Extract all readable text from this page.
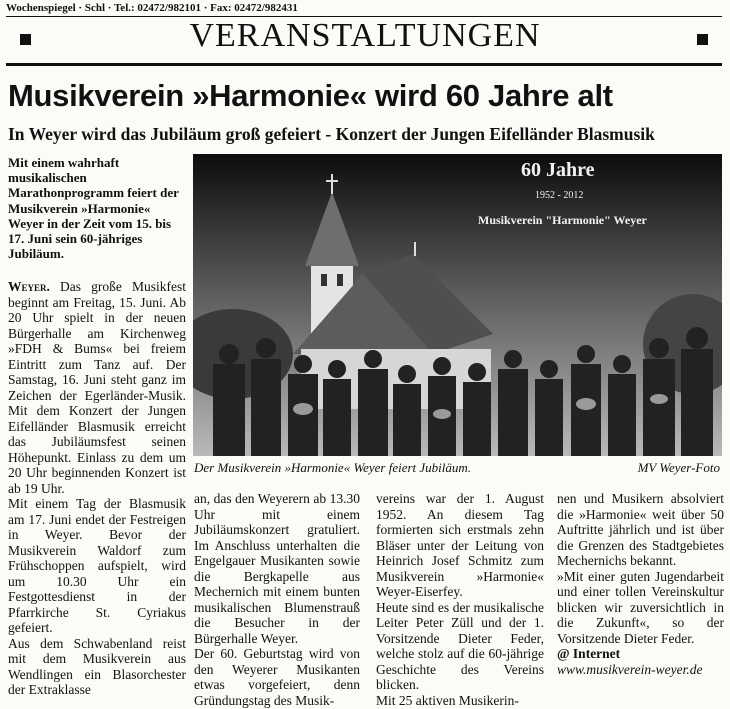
Wochenspiegel · Schl · Tel.: 02472/982101 · Fax: 02472/982431
VERANSTALTUNGEN
Musikverein »Harmonie« wird 60 Jahre alt
In Weyer wird das Jubiläum groß gefeiert - Konzert der Jungen Eifelländer Blasmusik
Mit einem wahrhaft musikalischen Marathonprogramm feiert der Musikverein »Harmonie« Weyer in der Zeit vom 15. bis 17. Juni sein 60-jähriges Jubiläum.

Weyer. Das große Musikfest beginnt am Freitag, 15. Juni. Ab 20 Uhr spielt in der neuen Bürgerhalle am Kirchenweg »FDH & Bums« bei freiem Eintritt zum Tanz auf. Der Samstag, 16. Juni steht ganz im Zeichen der Egerländer-Musik. Mit dem Konzert der Jungen Eifelländer Blasmusik erreicht das Jubiläumsfest seinen Höhepunkt. Einlass zu dem um 20 Uhr beginnenden Konzert ist ab 19 Uhr.

Mit einem Tag der Blasmusik am 17. Juni endet der Festreigen in Weyer. Bevor der Musikverein Waldorf zum Frühschoppen aufspielt, wird um 10.30 Uhr ein Festgottesdienst in der Pfarrkirche St. Cyriakus gefeiert.

Aus dem Schwabenland reist mit dem Musikverein aus Wendlingen ein Blasorchester der Extraklasse

60 Jahre
1952 - 2012
Musikverein "Harmonie" Weyer
Der Musikverein »Harmonie« Weyer feiert Jubiläum.	MV Weyer-Foto

an, das den Weyerern ab 13.30 Uhr mit einem Jubiläumskonzert gratuliert. Im Anschluss unterhalten die Engelgauer Musikanten sowie die Bergkapelle aus Mechernich mit einem bunten musikalischen Blumenstrauß die Besucher in der Bürgerhalle Weyer.

Der 60. Geburtstag wird von den Weyerer Musikanten etwas vorgefeiert, denn Gründungstag des Musik-

vereins war der 1. August 1952. An diesem Tag formierten sich erstmals zehn Bläser unter der Leitung von Heinrich Josef Schmitz zum Musikverein »Harmonie« Weyer-Eiserfey.

Heute sind es der musikalische Leiter Peter Züll und der 1. Vorsitzende Dieter Feder, welche stolz auf die 60-jährige Geschichte des Vereins blicken.

Mit 25 aktiven Musikerin-

nen und Musikern absolviert die »Harmonie« weit über 50 Auftritte jährlich und ist über die Grenzen des Stadtgebietes Mechernichs bekannt.

»Mit einer guten Jugendarbeit und einer tollen Vereinskultur blicken wir zuversichtlich in die Zukunft«, so der Vorsitzende Dieter Feder.

@ Internet

www.musikverein-weyer.de
